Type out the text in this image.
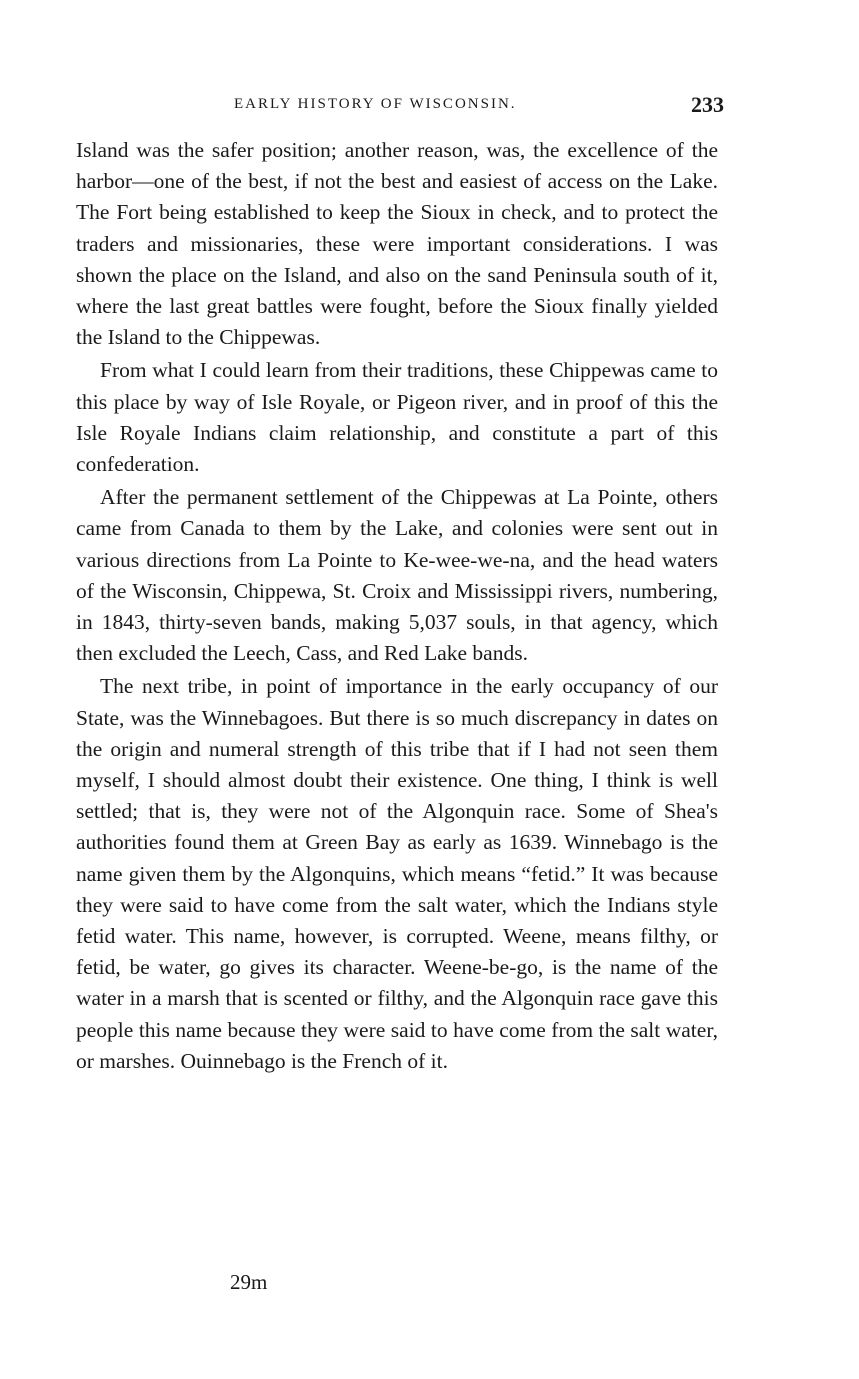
EARLY HISTORY OF WISCONSIN.	233

Island was the safer position; another reason, was, the excellence of the harbor—one of the best, if not the best and easiest of access on the Lake. The Fort being established to keep the Sioux in check, and to protect the traders and missionaries, these were important considerations. I was shown the place on the Island, and also on the sand Peninsula south of it, where the last great battles were fought, before the Sioux finally yielded the Island to the Chippewas.

From what I could learn from their traditions, these Chippewas came to this place by way of Isle Royale, or Pigeon river, and in proof of this the Isle Royale Indians claim relationship, and constitute a part of this confederation.

After the permanent settlement of the Chippewas at La Pointe, others came from Canada to them by the Lake, and colonies were sent out in various directions from La Pointe to Ke-wee-we-na, and the head waters of the Wisconsin, Chippewa, St. Croix and Mississippi rivers, numbering, in 1843, thirty-seven bands, making 5,037 souls, in that agency, which then excluded the Leech, Cass, and Red Lake bands.

The next tribe, in point of importance in the early occupancy of our State, was the Winnebagoes. But there is so much discrepancy in dates on the origin and numeral strength of this tribe that if I had not seen them myself, I should almost doubt their existence. One thing, I think is well settled; that is, they were not of the Algonquin race. Some of Shea's authorities found them at Green Bay as early as 1639. Winnebago is the name given them by the Algonquins, which means “fetid.” It was because they were said to have come from the salt water, which the Indians style fetid water. This name, however, is corrupted. Weene, means filthy, or fetid, be water, go gives its character. Weene-be-go, is the name of the water in a marsh that is scented or filthy, and the Algonquin race gave this people this name because they were said to have come from the salt water, or marshes. Ouinnebago is the French of it.

29m
